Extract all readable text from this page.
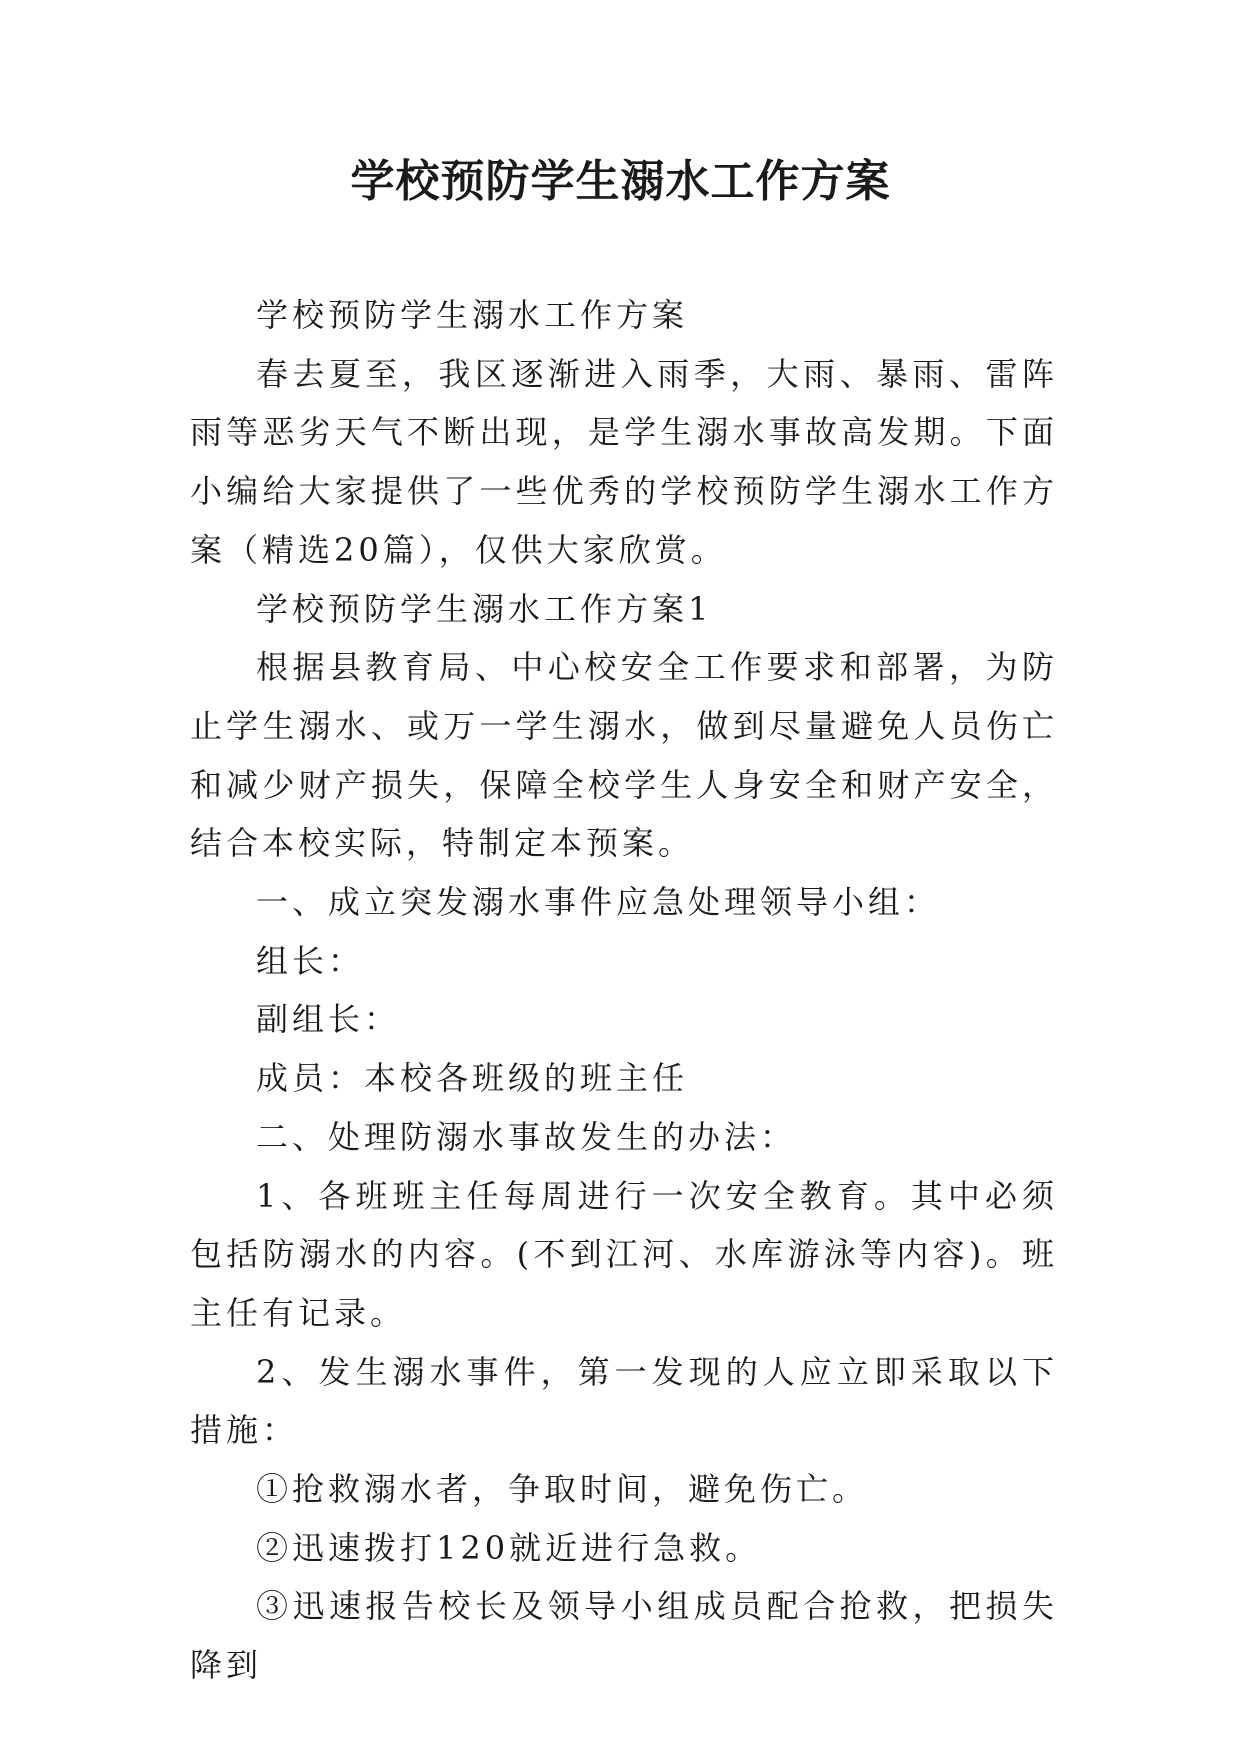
学校预防学生溺水工作方案

学校预防学生溺水工作方案

春去夏至，我区逐渐进入雨季，大雨、暴雨、雷阵雨等恶劣天气不断出现，是学生溺水事故高发期。下面小编给大家提供了一些优秀的学校预防学生溺水工作方案（精选20篇），仅供大家欣赏。

学校预防学生溺水工作方案1

根据县教育局、中心校安全工作要求和部署，为防止学生溺水、或万一学生溺水，做到尽量避免人员伤亡和减少财产损失，保障全校学生人身安全和财产安全，结合本校实际，特制定本预案。

一、成立突发溺水事件应急处理领导小组：

组长：

副组长：

成员：本校各班级的班主任

二、处理防溺水事故发生的办法：

1、各班班主任每周进行一次安全教育。其中必须包括防溺水的内容。(不到江河、水库游泳等内容)。班主任有记录。

2、发生溺水事件，第一发现的人应立即采取以下措施：

①抢救溺水者，争取时间，避免伤亡。

②迅速拨打120就近进行急救。

③迅速报告校长及领导小组成员配合抢救，把损失降到
